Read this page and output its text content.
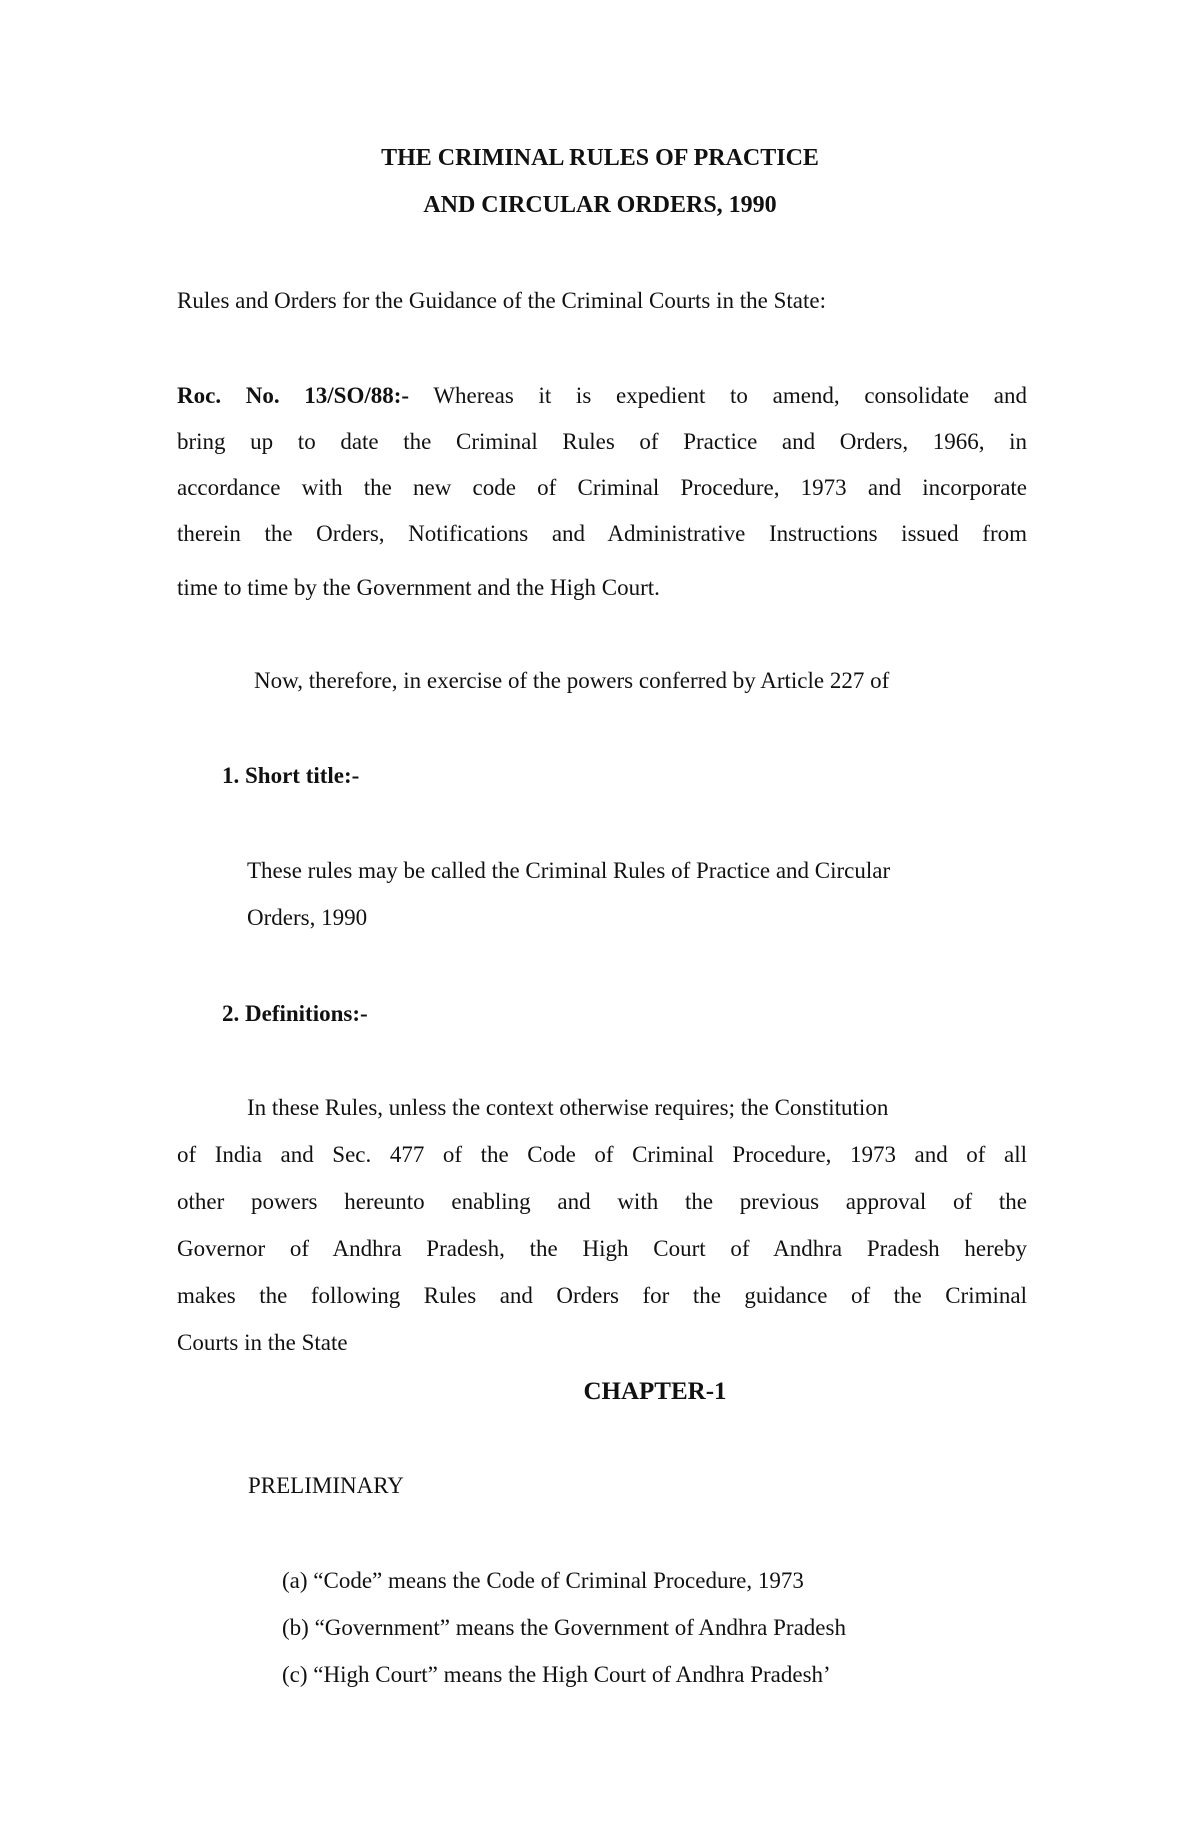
THE CRIMINAL RULES OF PRACTICE
AND CIRCULAR ORDERS, 1990
Rules and Orders for the Guidance of the Criminal Courts in the State:
Roc. No. 13/SO/88:- Whereas it is expedient to amend, consolidate and
bring up to date the Criminal Rules of Practice and Orders, 1966, in
accordance with the new code of Criminal Procedure, 1973 and incorporate
therein the Orders, Notifications and Administrative Instructions issued from
time to time by the Government and the High Court.
Now, therefore, in exercise of the powers conferred by Article 227 of
1. Short title:-
These rules may be called the Criminal Rules of Practice and Circular
Orders, 1990
2. Definitions:-
In these Rules, unless the context otherwise requires; the Constitution
of India and Sec. 477 of the Code of Criminal Procedure, 1973 and of all
other powers hereunto enabling and with the previous approval of the
Governor of Andhra Pradesh, the High Court of Andhra Pradesh hereby
makes the following Rules and Orders for the guidance of the Criminal
Courts in the State
CHAPTER-1
PRELIMINARY
(a) “Code” means the Code of Criminal Procedure, 1973
(b) “Government” means the Government of Andhra Pradesh
(c) “High Court” means the High Court of Andhra Pradesh’
